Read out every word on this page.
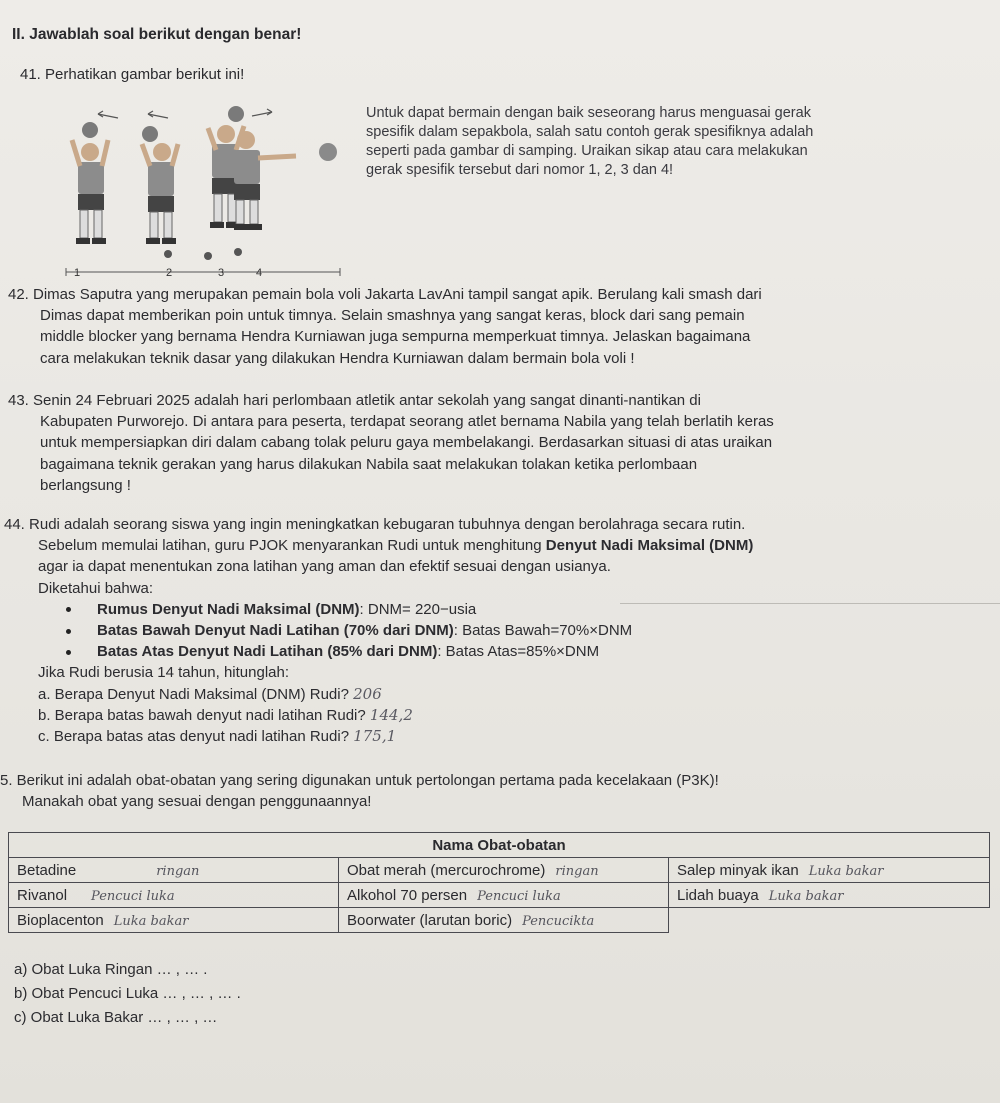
II. Jawablah soal berikut dengan benar!
41. Perhatikan gambar berikut ini!
1	2	3	4
Untuk dapat bermain dengan baik seseorang harus menguasai gerak
spesifik dalam sepakbola, salah satu contoh gerak spesifiknya adalah
seperti pada gambar di samping. Uraikan sikap atau cara melakukan
gerak spesifik tersebut dari nomor 1, 2, 3 dan 4!
42. Dimas Saputra yang merupakan pemain bola voli Jakarta LavAni tampil sangat apik. Berulang kali smash dari
Dimas dapat memberikan poin untuk timnya. Selain smashnya yang sangat keras, block dari sang pemain
middle blocker yang bernama Hendra Kurniawan juga sempurna memperkuat timnya. Jelaskan bagaimana
cara melakukan teknik dasar yang dilakukan Hendra Kurniawan dalam bermain bola voli !
43. Senin 24 Februari 2025 adalah hari perlombaan atletik antar sekolah yang sangat dinanti-nantikan di
Kabupaten Purworejo. Di antara para peserta, terdapat seorang atlet bernama Nabila yang telah berlatih keras
untuk mempersiapkan diri dalam cabang tolak peluru gaya membelakangi. Berdasarkan situasi di atas uraikan
bagaimana teknik gerakan yang harus dilakukan Nabila saat melakukan tolakan ketika perlombaan
berlangsung !
44. Rudi adalah seorang siswa yang ingin meningkatkan kebugaran tubuhnya dengan berolahraga secara rutin.
Sebelum memulai latihan, guru PJOK menyarankan Rudi untuk menghitung Denyut Nadi Maksimal (DNM)
agar ia dapat menentukan zona latihan yang aman dan efektif sesuai dengan usianya.
Diketahui bahwa:
Rumus Denyut Nadi Maksimal (DNM): DNM= 220−usia
Batas Bawah Denyut Nadi Latihan (70% dari DNM): Batas Bawah=70%×DNM
Batas Atas Denyut Nadi Latihan (85% dari DNM): Batas Atas=85%×DNM
Jika Rudi berusia 14 tahun, hitunglah:
a. Berapa Denyut Nadi Maksimal (DNM) Rudi? 206
b. Berapa batas bawah denyut nadi latihan Rudi? 144,2
c. Berapa batas atas denyut nadi latihan Rudi? 175,1
5. Berikut ini adalah obat-obatan yang sering digunakan untuk pertolongan pertama pada kecelakaan (P3K)!
Manakah obat yang sesuai dengan penggunaannya!
Nama Obat-obatan		

Betadine ringan	Obat merah (mercurochrome) ringan	Salep minyak ikan Luka bakar

Rivanol Pencuci luka	Alkohol 70 persen Pencuci luka	Lidah buaya Luka bakar

Bioplacenton Luka bakar	Boorwater (larutan boric) Pencucikta	

a) Obat Luka Ringan … , … .
b) Obat Pencuci Luka … , … , … .
c) Obat Luka Bakar … , … , …
